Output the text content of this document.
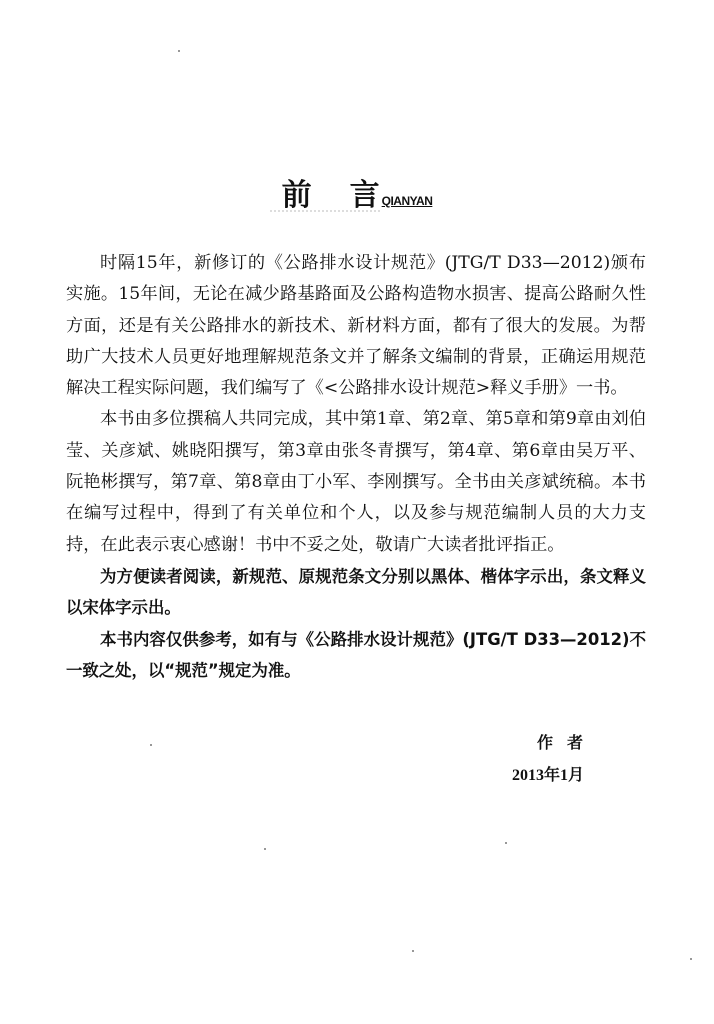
前 言 QIANYAN

时隔15年，新修订的《公路排水设计规范》(JTG/T D33—2012)颁布实施。15年间，无论在减少路基路面及公路构造物水损害、提高公路耐久性方面，还是有关公路排水的新技术、新材料方面，都有了很大的发展。为帮助广大技术人员更好地理解规范条文并了解条文编制的背景，正确运用规范解决工程实际问题，我们编写了《<公路排水设计规范>释义手册》一书。

本书由多位撰稿人共同完成，其中第1章、第2章、第5章和第9章由刘伯莹、关彦斌、姚晓阳撰写，第3章由张冬青撰写，第4章、第6章由吴万平、阮艳彬撰写，第7章、第8章由丁小军、李刚撰写。全书由关彦斌统稿。本书在编写过程中，得到了有关单位和个人，以及参与规范编制人员的大力支持，在此表示衷心感谢！书中不妥之处，敬请广大读者批评指正。

为方便读者阅读，新规范、原规范条文分别以黑体、楷体字示出，条文释义以宋体字示出。

本书内容仅供参考，如有与《公路排水设计规范》(JTG/T D33—2012)不一致之处，以“规范”规定为准。

作者
2013年1月
